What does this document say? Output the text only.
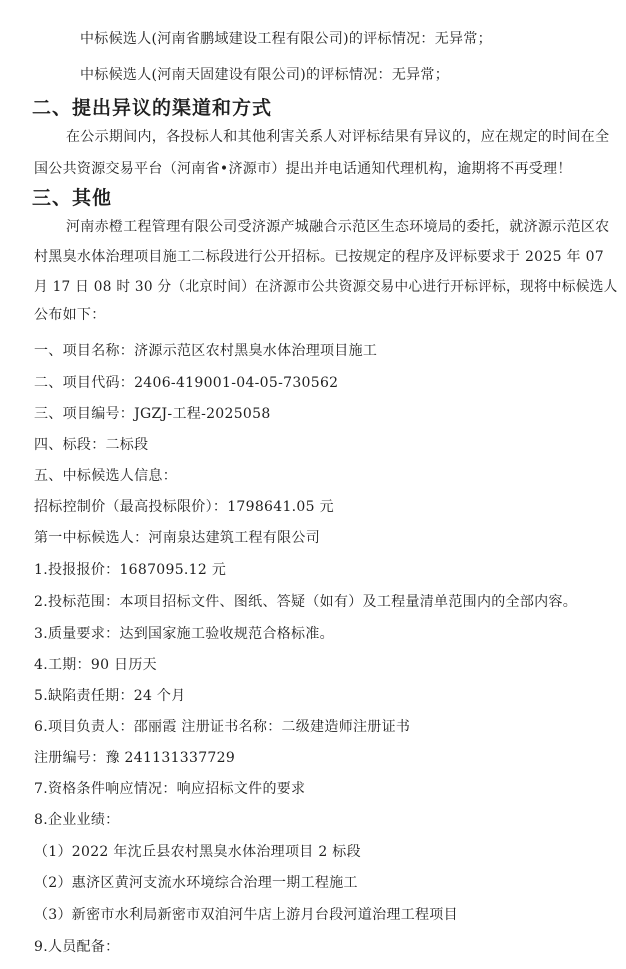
中标候选人(河南省鹏域建设工程有限公司)的评标情况：无异常；
中标候选人(河南天固建设有限公司)的评标情况：无异常；
二、提出异议的渠道和方式
在公示期间内，各投标人和其他利害关系人对评标结果有异议的，应在规定的时间在全
国公共资源交易平台（河南省•济源市）提出并电话通知代理机构，逾期将不再受理！
三、其他
河南赤橙工程管理有限公司受济源产城融合示范区生态环境局的委托，就济源示范区农
村黑臭水体治理项目施工二标段进行公开招标。已按规定的程序及评标要求于 2025 年 07
月 17 日 08 时 30 分（北京时间）在济源市公共资源交易中心进行开标评标，现将中标候选人
公布如下：
一、项目名称：济源示范区农村黑臭水体治理项目施工
二、项目代码：2406-419001-04-05-730562
三、项目编号：JGZJ-工程-2025058
四、标段：二标段
五、中标候选人信息：
招标控制价（最高投标限价）：1798641.05 元
第一中标候选人：河南泉达建筑工程有限公司
1.投报报价：1687095.12 元
2.投标范围：本项目招标文件、图纸、答疑（如有）及工程量清单范围内的全部内容。
3.质量要求：达到国家施工验收规范合格标准。
4.工期：90 日历天
5.缺陷责任期：24 个月
6.项目负责人：邵丽霞 注册证书名称：二级建造师注册证书
注册编号：豫 241131337729
7.资格条件响应情况：响应招标文件的要求
8.企业业绩：
（1）2022 年沈丘县农村黑臭水体治理项目 2 标段
（2）惠济区黄河支流水环境综合治理一期工程施工
（3）新密市水利局新密市双洎河牛店上游月台段河道治理工程项目
9.人员配备：
